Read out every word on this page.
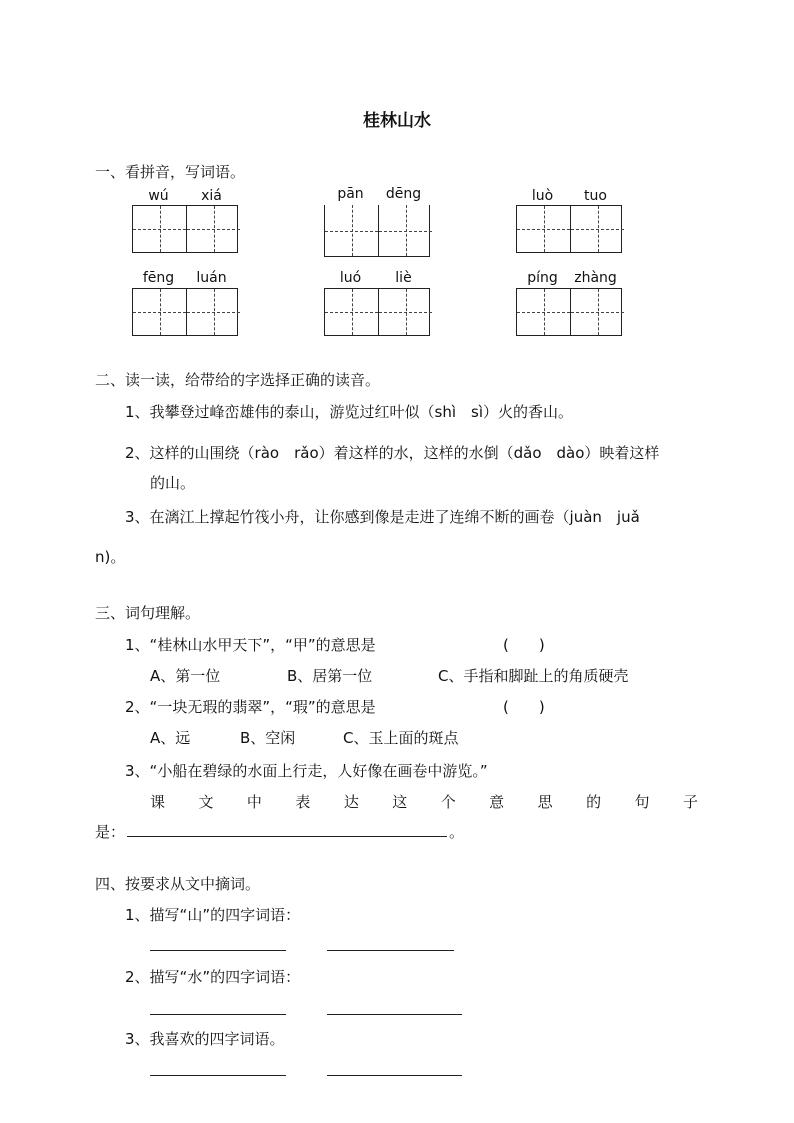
桂林山水
一、看拼音，写词语。
wú	xiá	pān	dēng	luò	tuo
fēng	luán	luó	liè	píng	zhàng
二、读一读，给带给的字选择正确的读音。
1、我攀登过峰峦雄伟的泰山，游览过红叶似（shì　sì）火的香山。
2、这样的山围绕（rào　rǎo）着这样的水，这样的水倒（dǎo　dào）映着这样
的山。
3、在漓江上撑起竹筏小舟，让你感到像是走进了连绵不断的画卷（juàn　juǎ
n)。
三、词句理解。
1、“桂林山水甲天下”，“甲”的意思是	(　　)
A、第一位	B、居第一位	C、手指和脚趾上的角质硬壳
2、“一块无瑕的翡翠”，“瑕”的意思是	(　　)
A、远	B、空闲	C、玉上面的斑点
3、“小船在碧绿的水面上行走，人好像在画卷中游览。”
课 文 中 表 达 这 个 意 思 的 句 子
是：	。
四、按要求从文中摘词。
1、描写“山”的四字词语：
2、描写“水”的四字词语：
3、我喜欢的四字词语。
